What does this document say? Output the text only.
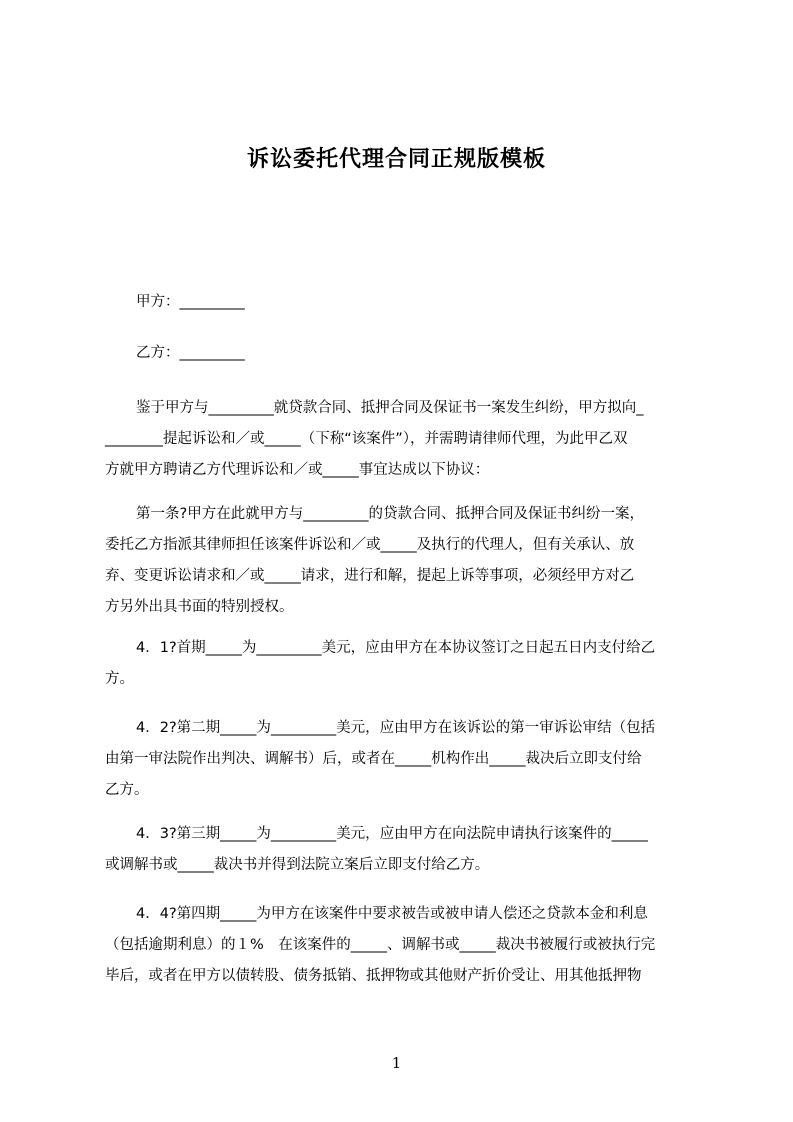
诉讼委托代理合同正规版模板
甲方：_________
乙方：_________
鉴于甲方与_________就贷款合同、抵押合同及保证书一案发生纠纷，甲方拟向_
________提起诉讼和／或_____（下称“该案件”），并需聘请律师代理，为此甲乙双
方就甲方聘请乙方代理诉讼和／或_____事宜达成以下协议：
第一条?甲方在此就甲方与_________的贷款合同、抵押合同及保证书纠纷一案，
委托乙方指派其律师担任该案件诉讼和／或_____及执行的代理人，但有关承认、放
弃、变更诉讼请求和／或_____请求，进行和解，提起上诉等事项，必须经甲方对乙
方另外出具书面的特别授权。
4．1?首期_____为_________美元，应由甲方在本协议签订之日起五日内支付给乙
方。
4．2?第二期_____为_________美元，应由甲方在该诉讼的第一审诉讼审结（包括
由第一审法院作出判决、调解书）后，或者在_____机构作出_____裁决后立即支付给
乙方。
4．3?第三期_____为_________美元，应由甲方在向法院申请执行该案件的_____
或调解书或_____裁决书并得到法院立案后立即支付给乙方。
4．4?第四期_____为甲方在该案件中要求被告或被申请人偿还之贷款本金和利息
（包括逾期利息）的１%　在该案件的_____、调解书或_____裁决书被履行或被执行完
毕后，或者在甲方以债转股、债务抵销、抵押物或其他财产折价受让、用其他抵押物
1
